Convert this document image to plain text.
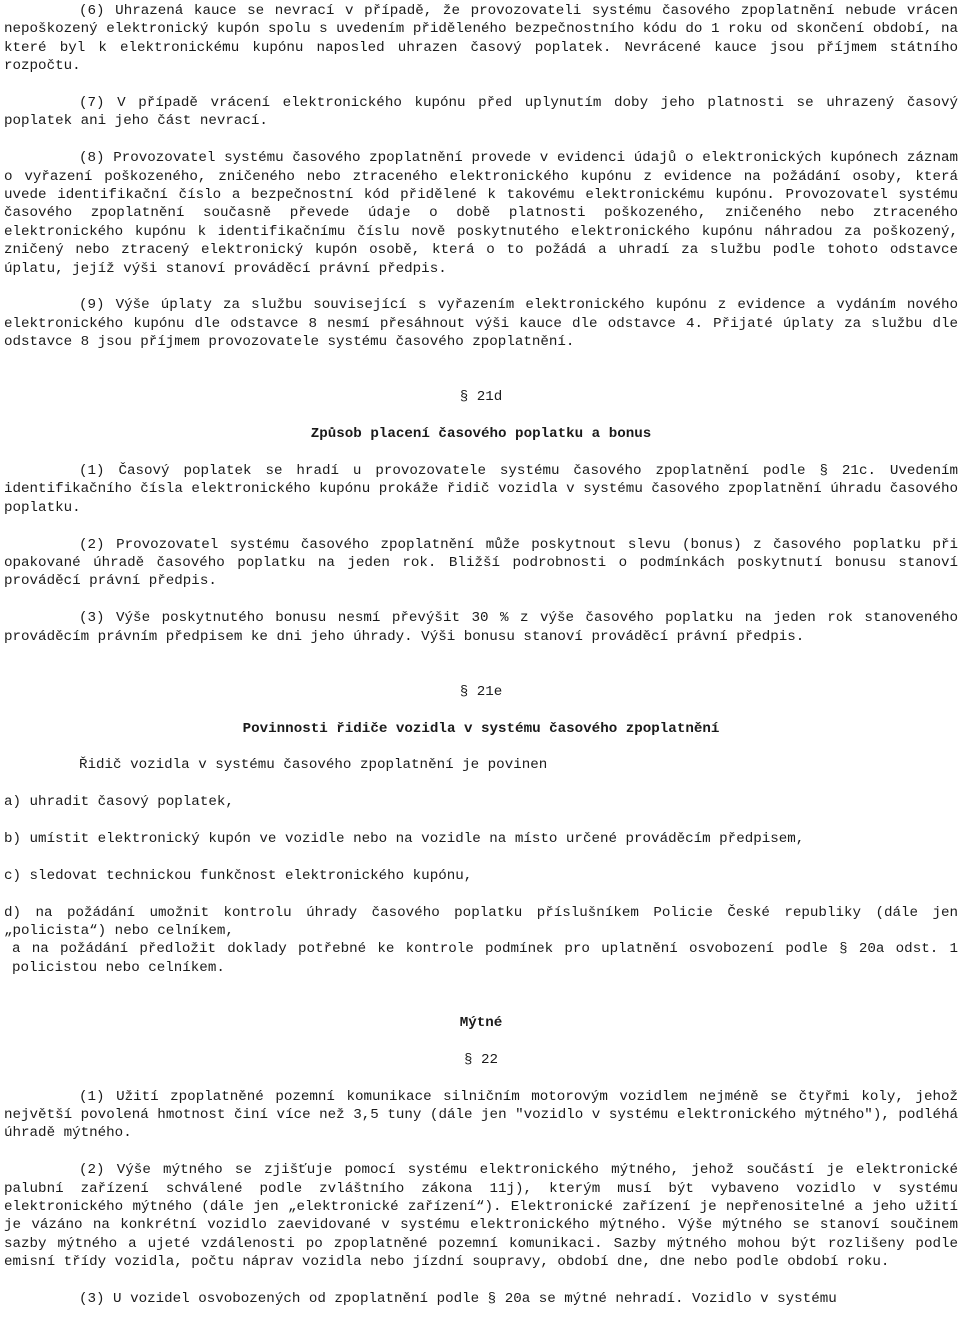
(6) Uhrazená kauce se nevrací v případě, že provozovateli systému časového zpoplatnění nebude vrácen nepoškozený elektronický kupón spolu s uvedením přiděleného bezpečnostního kódu do 1 roku od skončení období, na které byl k elektronickému kupónu naposled uhrazen časový poplatek. Nevrácené kauce jsou příjmem státního rozpočtu.

(7) V případě vrácení elektronického kupónu před uplynutím doby jeho platnosti se uhrazený časový poplatek ani jeho část nevrací.

(8) Provozovatel systému časového zpoplatnění provede v evidenci údajů o elektronických kupónech záznam o vyřazení poškozeného, zničeného nebo ztraceného elektronického kupónu z evidence na požádání osoby, která uvede identifikační číslo a bezpečnostní kód přidělené k takovému elektronickému kupónu. Provozovatel systému časového zpoplatnění současně převede údaje o době platnosti poškozeného, zničeného nebo ztraceného elektronického kupónu k identifikačnímu číslu nově poskytnutého elektronického kupónu náhradou za poškozený, zničený nebo ztracený elektronický kupón osobě, která o to požádá a uhradí za službu podle tohoto odstavce úplatu, jejíž výši stanoví prováděcí právní předpis.

(9) Výše úplaty za službu související s vyřazením elektronického kupónu z evidence a vydáním nového elektronického kupónu dle odstavce 8 nesmí přesáhnout výši kauce dle odstavce 4. Přijaté úplaty za službu dle odstavce 8 jsou příjmem provozovatele systému časového zpoplatnění.

§ 21d
Způsob placení časového poplatku a bonus

(1) Časový poplatek se hradí u provozovatele systému časového zpoplatnění podle § 21c. Uvedením identifikačního čísla elektronického kupónu prokáže řidič vozidla v systému časového zpoplatnění úhradu časového poplatku.

(2) Provozovatel systému časového zpoplatnění může poskytnout slevu (bonus) z časového poplatku při opakované úhradě časového poplatku na jeden rok. Bližší podrobnosti o podmínkách poskytnutí bonusu stanoví prováděcí právní předpis.

(3) Výše poskytnutého bonusu nesmí převýšit 30 % z výše časového poplatku na jeden rok stanoveného prováděcím právním předpisem ke dni jeho úhrady. Výši bonusu stanoví prováděcí právní předpis.

§ 21e
Povinnosti řidiče vozidla v systému časového zpoplatnění
Řidič vozidla v systému časového zpoplatnění je povinen
a) uhradit časový poplatek,
b) umístit elektronický kupón ve vozidle nebo na vozidle na místo určené prováděcím předpisem,
c) sledovat technickou funkčnost elektronického kupónu,
d) na požádání umožnit kontrolu úhrady časového poplatku příslušníkem Policie České republiky (dále jen „policista“) nebo celníkem,
a na požádání předložit doklady potřebné ke kontrole podmínek pro uplatnění osvobození podle § 20a odst. 1 policistou nebo celníkem.
Mýtné
§ 22

(1) Užití zpoplatněné pozemní komunikace silničním motorovým vozidlem nejméně se čtyřmi koly, jehož největší povolená hmotnost činí více než 3,5 tuny (dále jen "vozidlo v systému elektronického mýtného"), podléhá úhradě mýtného.

(2) Výše mýtného se zjišťuje pomocí systému elektronického mýtného, jehož součástí je elektronické palubní zařízení schválené podle zvláštního zákona 11j), kterým musí být vybaveno vozidlo v systému elektronického mýtného (dále jen „elektronické zařízení“). Elektronické zařízení je nepřenositelné a jeho užití je vázáno na konkrétní vozidlo zaevidované v systému elektronického mýtného. Výše mýtného se stanoví součinem sazby mýtného a ujeté vzdálenosti po zpoplatněné pozemní komunikaci. Sazby mýtného mohou být rozlišeny podle emisní třídy vozidla, počtu náprav vozidla nebo jízdní soupravy, období dne, dne nebo podle období roku.

(3) U vozidel osvobozených od zpoplatnění podle § 20a se mýtné nehradí. Vozidlo v systému
